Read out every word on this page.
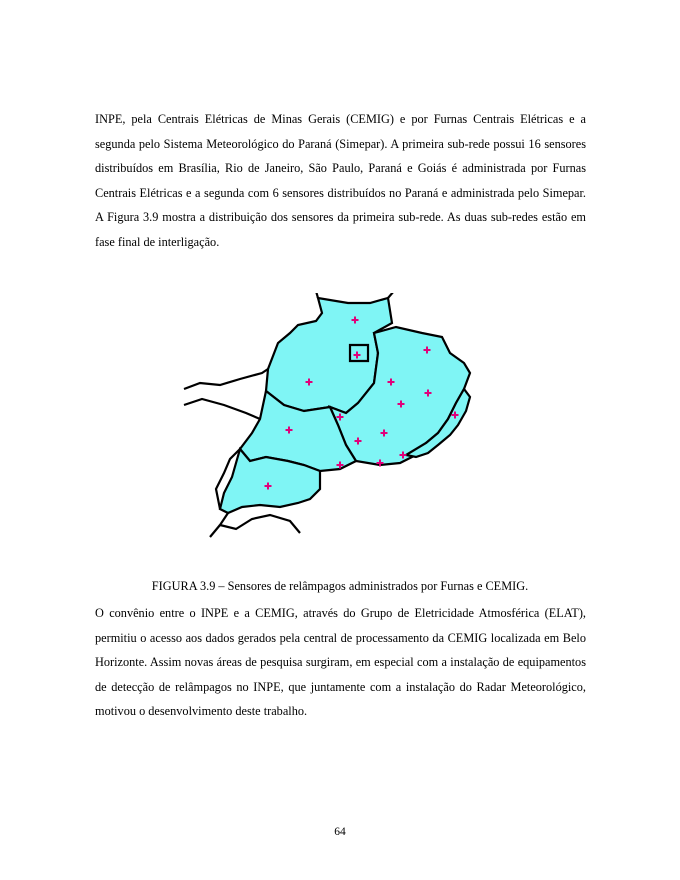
INPE, pela Centrais Elétricas de Minas Gerais (CEMIG) e por Furnas Centrais Elétricas e a segunda pelo Sistema Meteorológico do Paraná (Simepar). A primeira sub-rede possui 16 sensores distribuídos em Brasília, Rio de Janeiro, São Paulo, Paraná e Goiás é administrada por Furnas Centrais Elétricas e a segunda com 6 sensores distribuídos no Paraná e administrada pelo Simepar. A Figura 3.9 mostra a distribuição dos sensores da primeira sub-rede. As duas sub-redes estão em fase final de interligação.

FIGURA 3.9 – Sensores de relâmpagos administrados por Furnas e CEMIG.

O convênio entre o INPE e a CEMIG, através do Grupo de Eletricidade Atmosférica (ELAT), permitiu o acesso aos dados gerados pela central de processamento da CEMIG localizada em Belo Horizonte. Assim novas áreas de pesquisa surgiram, em especial com a instalação de equipamentos de detecção de relâmpagos no INPE, que juntamente com a instalação do Radar Meteorológico, motivou o desenvolvimento deste trabalho.

64
